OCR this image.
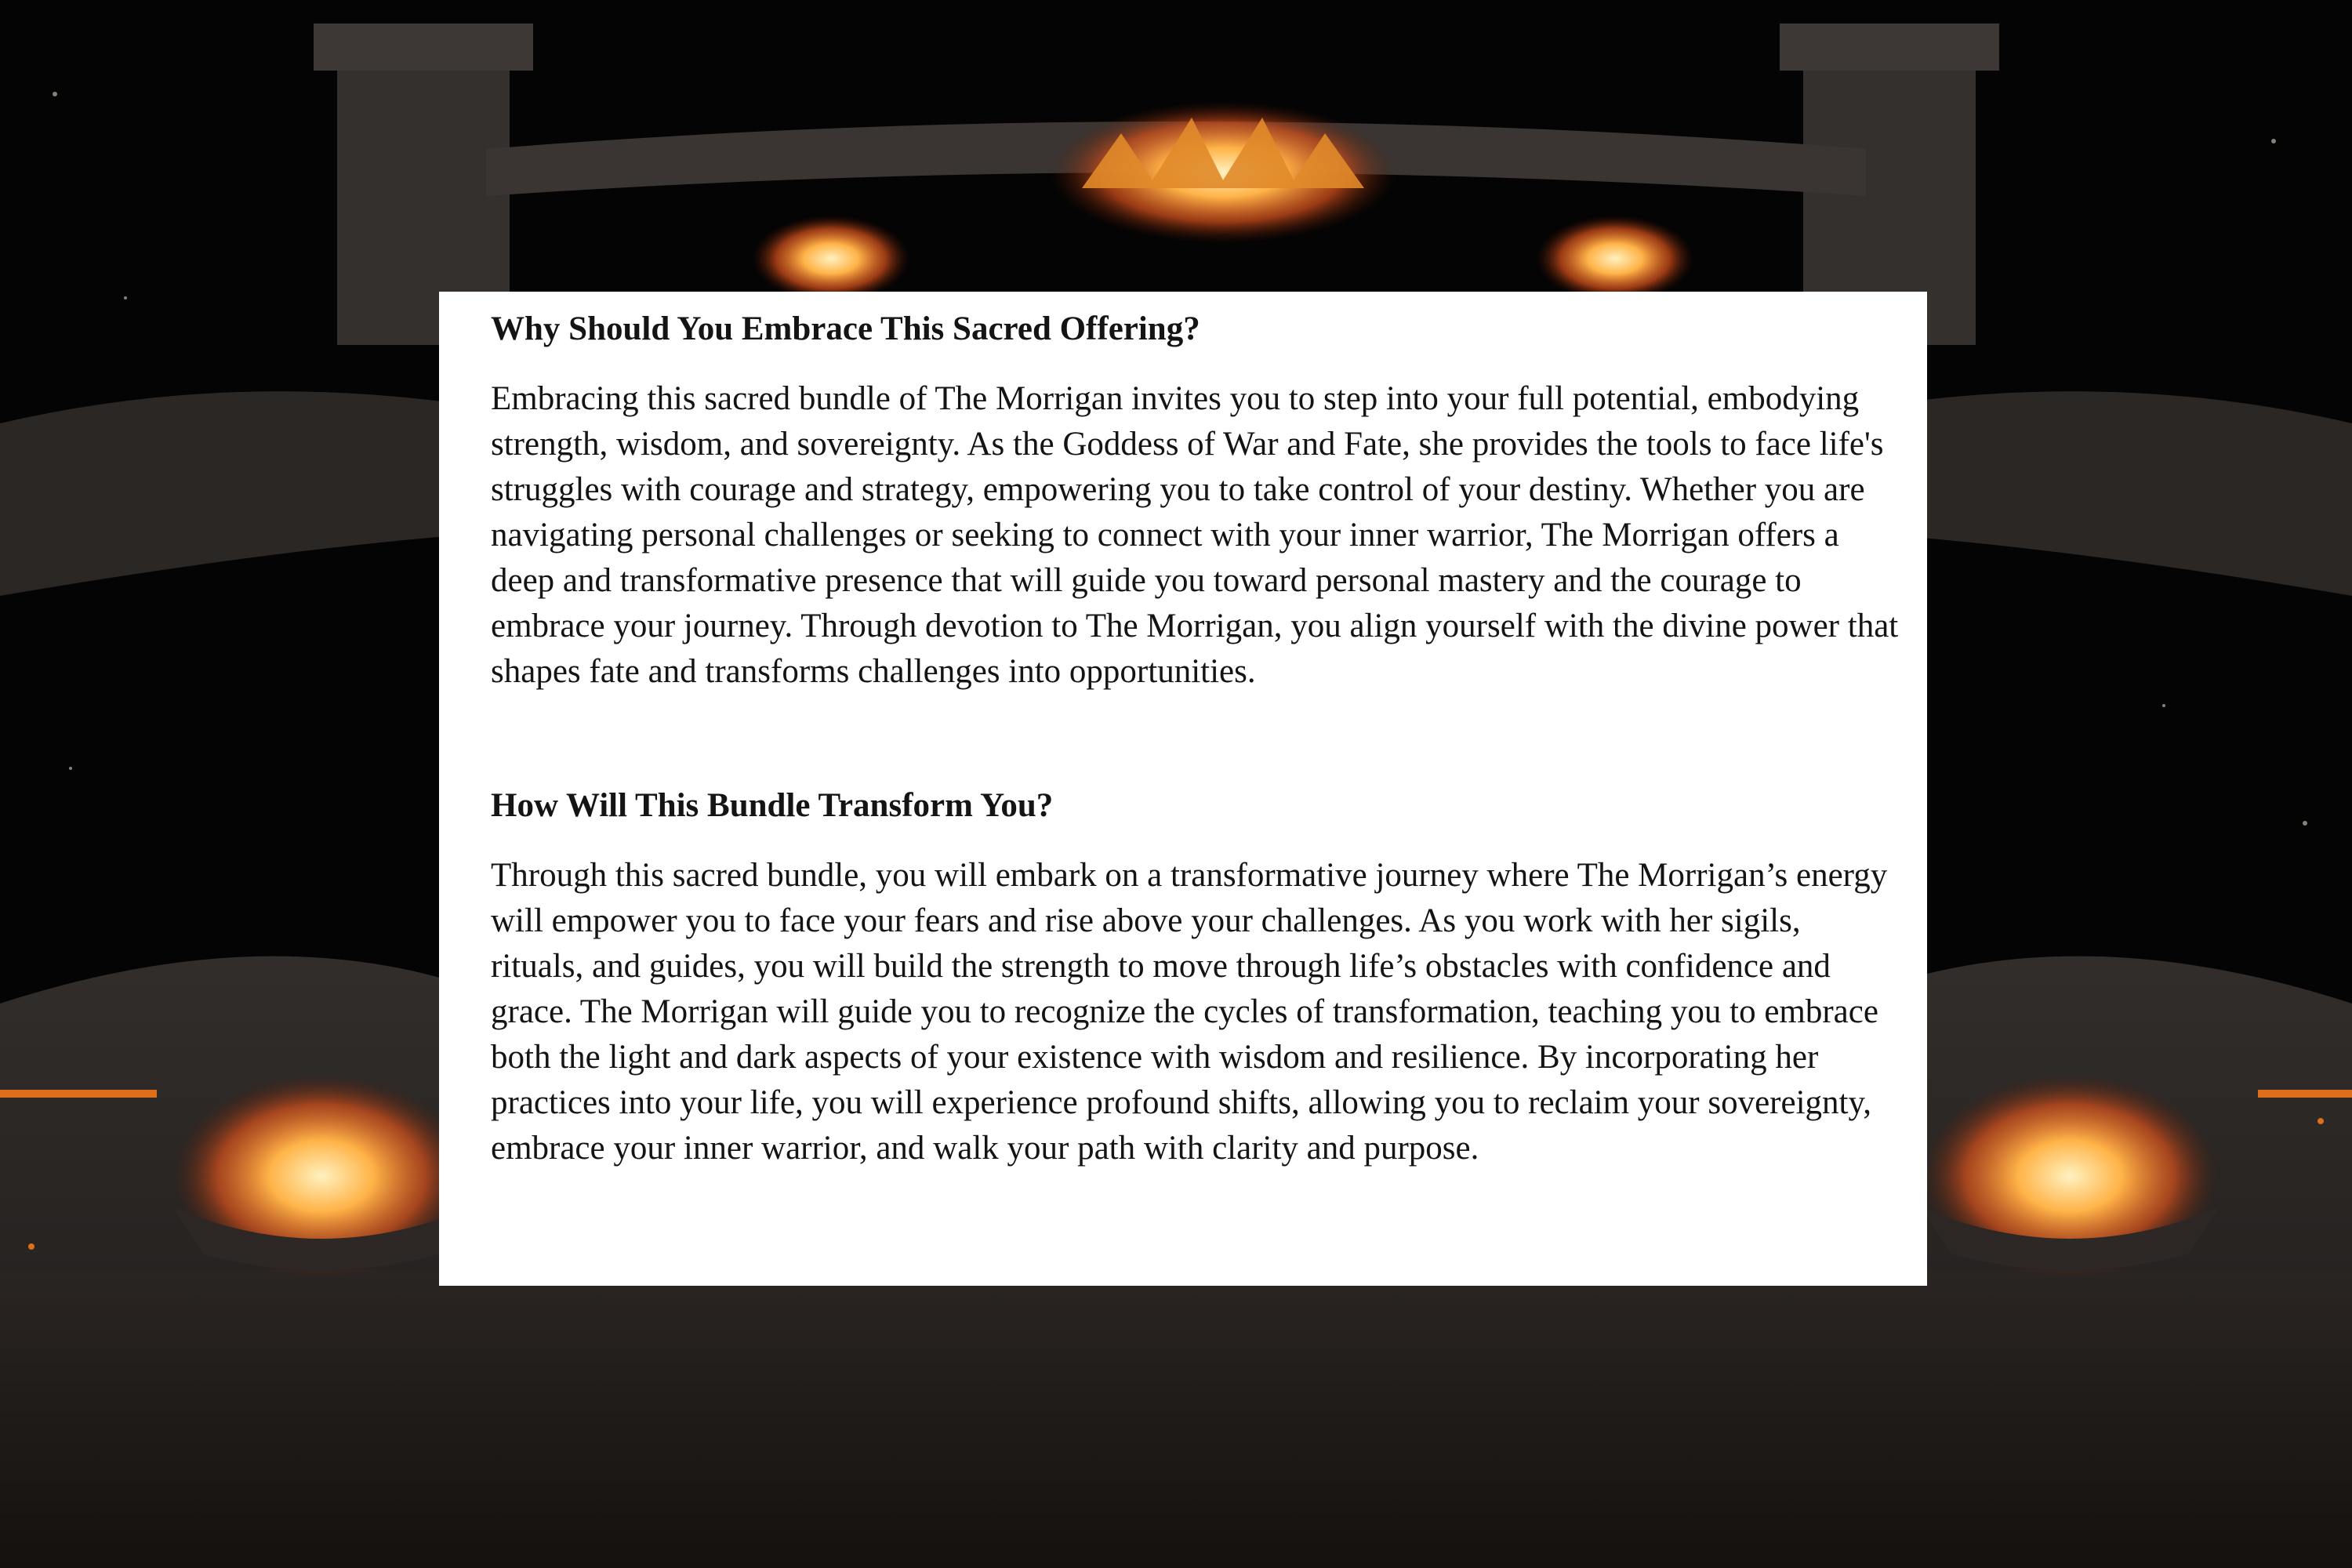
Why Should You Embrace This Sacred Offering?

Embracing this sacred bundle of The Morrigan invites you to step into your full potential, embodying strength, wisdom, and sovereignty. As the Goddess of War and Fate, she provides the tools to face life's struggles with courage and strategy, empowering you to take control of your destiny. Whether you are navigating personal challenges or seeking to connect with your inner warrior, The Morrigan offers a deep and transformative presence that will guide you toward personal mastery and the courage to embrace your journey. Through devotion to The Morrigan, you align yourself with the divine power that shapes fate and transforms challenges into opportunities.

How Will This Bundle Transform You?

Through this sacred bundle, you will embark on a transformative journey where The Morrigan’s energy will empower you to face your fears and rise above your challenges. As you work with her sigils, rituals, and guides, you will build the strength to move through life’s obstacles with confidence and grace. The Morrigan will guide you to recognize the cycles of transformation, teaching you to embrace both the light and dark aspects of your existence with wisdom and resilience. By incorporating her practices into your life, you will experience profound shifts, allowing you to reclaim your sovereignty, embrace your inner warrior, and walk your path with clarity and purpose.
